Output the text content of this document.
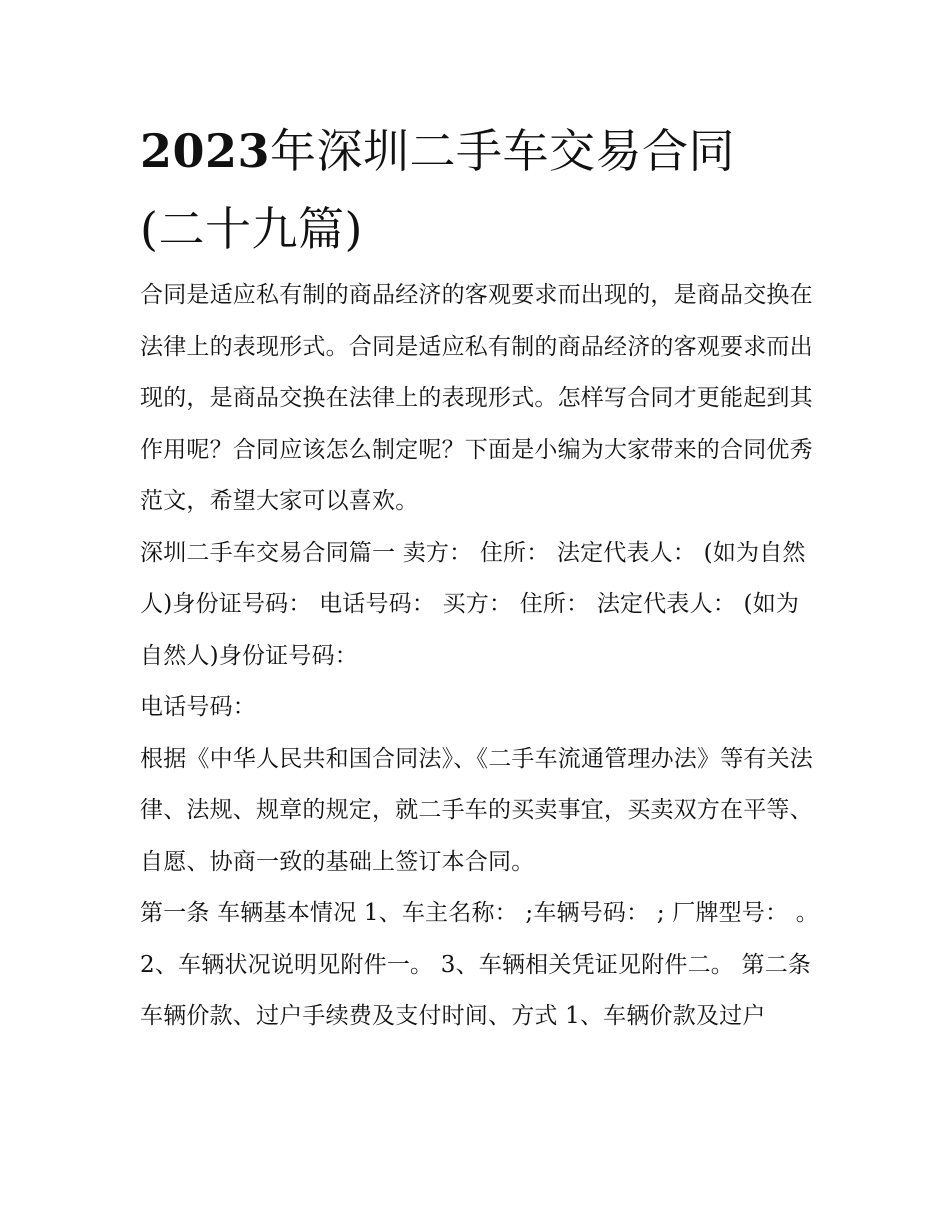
2023年深圳二手车交易合同
(二十九篇)

合同是适应私有制的商品经济的客观要求而出现的，是商品交换在法律上的表现形式。合同是适应私有制的商品经济的客观要求而出现的，是商品交换在法律上的表现形式。怎样写合同才更能起到其作用呢？合同应该怎么制定呢？下面是小编为大家带来的合同优秀范文，希望大家可以喜欢。

深圳二手车交易合同篇一 卖方： 住所： 法定代表人： (如为自然人)身份证号码： 电话号码： 买方： 住所： 法定代表人： (如为自然人)身份证号码：

电话号码：

根据《中华人民共和国合同法》、《二手车流通管理办法》等有关法律、法规、规章的规定，就二手车的买卖事宜，买卖双方在平等、自愿、协商一致的基础上签订本合同。

第一条 车辆基本情况 1、车主名称： ;车辆号码： ; 厂牌型号： 。 2、车辆状况说明见附件一。 3、车辆相关凭证见附件二。 第二条

车辆价款、过户手续费及支付时间、方式 1、车辆价款及过户
